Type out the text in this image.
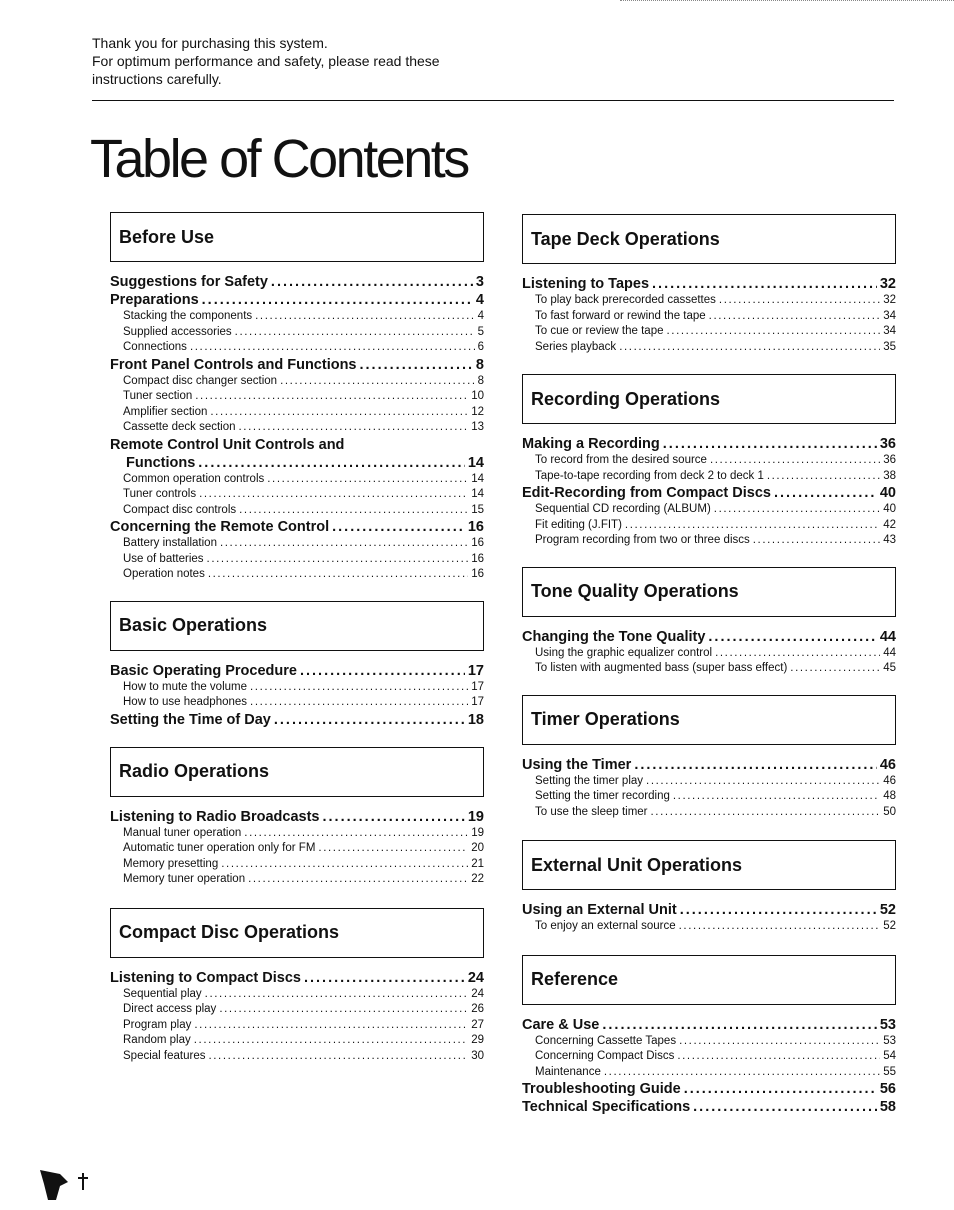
Thank you for purchasing this system.
For optimum performance and safety, please read these
instructions carefully.
Table of Contents
Before Use
Suggestions for Safety .....	3
Preparations .....	4
Stacking the components .....	4
Supplied accessories .....	5
Connections .....	6
Front Panel Controls and Functions .....	8
Compact disc changer section .....	8
Tuner section .....	10
Amplifier section .....	12
Cassette deck section .....	13
Remote Control Unit Controls and
Functions .....	14
Common operation controls .....	14
Tuner controls .....	14
Compact disc controls .....	15
Concerning the Remote Control .....	16
Battery installation .....	16
Use of batteries .....	16
Operation notes .....	16
Basic Operations
Basic Operating Procedure .....	17
How to mute the volume .....	17
How to use headphones .....	17
Setting the Time of Day .....	18
Radio Operations
Listening to Radio Broadcasts .....	19
Manual tuner operation .....	19
Automatic tuner operation only for FM .....	20
Memory presetting .....	21
Memory tuner operation .....	22
Compact Disc Operations
Listening to Compact Discs .....	24
Sequential play .....	24
Direct access play .....	26
Program play .....	27
Random play .....	29
Special features .....	30
Tape Deck Operations
Listening to Tapes .....	32
To play back prerecorded cassettes .....	32
To fast forward or rewind the tape .....	34
To cue or review the tape .....	34
Series playback .....	35
Recording Operations
Making a Recording .....	36
To record from the desired source .....	36
Tape-to-tape recording from deck 2 to deck 1 .....	38
Edit-Recording from Compact Discs .....	40
Sequential CD recording (ALBUM) .....	40
Fit editing (J.FIT) .....	42
Program recording from two or three discs .....	43
Tone Quality Operations
Changing the Tone Quality .....	44
Using the graphic equalizer control .....	44
To listen with augmented bass (super bass effect) .....	45
Timer Operations
Using the Timer .....	46
Setting the timer play .....	46
Setting the timer recording .....	48
To use the sleep timer .....	50
External Unit Operations
Using an External Unit .....	52
To enjoy an external source .....	52
Reference
Care & Use .....	53
Concerning Cassette Tapes .....	53
Concerning Compact Discs .....	54
Maintenance .....	55
Troubleshooting Guide .....	56
Technical Specifications .....	58
